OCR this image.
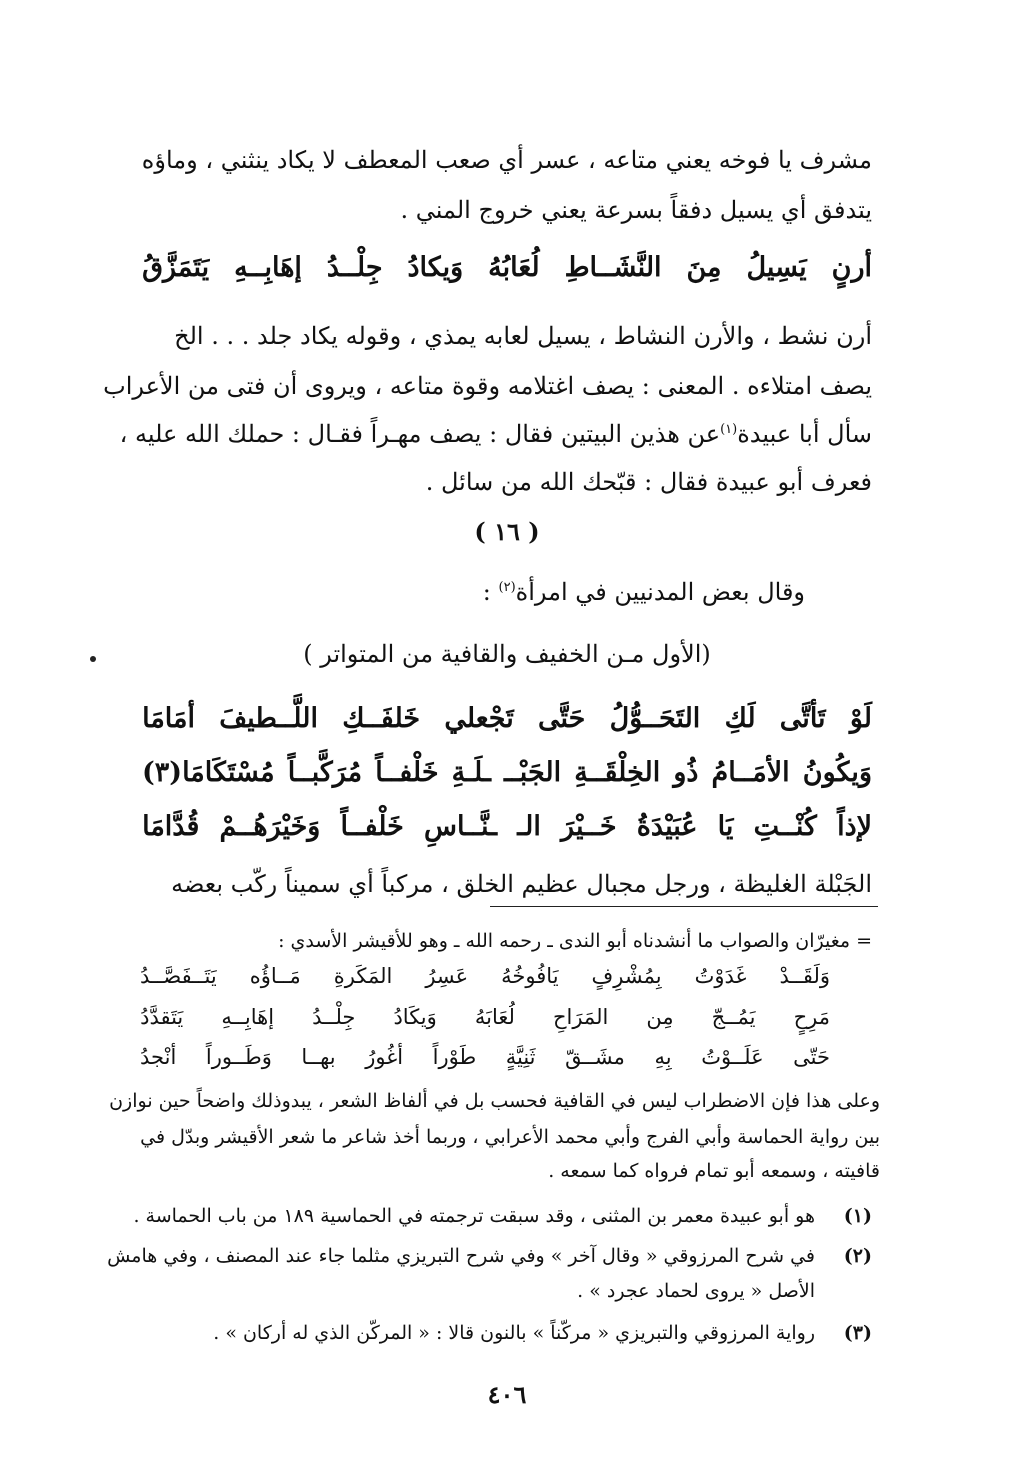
مشرف يا فوخه يعني متاعه ، عسر أي صعب المعطف لا يكاد ينثني ، وماؤه
يتدفق أي يسيل دفقاً بسرعة يعني خروج المني .
أرنٍ
يَسِيلُ
مِنَ
النَّشَــاطِ
لُعَابُهُ
وَيكادُ
جِلْــدُ
إهَابِــهِ
يَتَمَزَّقُ
أرن نشط ، والأرن النشاط ، يسيل لعابه يمذي ، وقوله يكاد جلد . . . الخ
يصف امتلاءه . المعنى : يصف اغتلامه وقوة متاعه ، ويروى أن فتى من الأعراب
سأل أبا عبيدة$^{(١)}$عن هذين البيتين فقال : يصف مهـراً فقـال : حملك الله عليه ،
فعرف أبو عبيدة فقال : قبّحك الله من سائل .
( ١٦ )
وقال بعض المدنيين في امرأة$^{(٢)}$ :
(الأول مـن الخفيف والقافية من المتواتر )
لَوْ
تَأتَّى
لَكِ
التَحَــوُّلُ
حَتَّى
تَجْعلي
خَلفَــكِ
اللَّــطيفَ
أمَامَا
وَيكُونُ
الأمَــامُ
ذُو
الخِلْقَــةِ
الجَبْــ
ـلَـةِ
خَلْفــاً
مُرَكَّبــاً
مُسْتَكَامَا(٣)
لإذاً
كُنْــتِ
يَا
عُبَيْدَةُ
خَــيْرَ
الـ
ـنَّــاسِ
خَلْفــاً
وَخَيْرَهُــمْ
قُدَّامَا
الجَبْلة الغليظة ، ورجل مجبال عظيم الخلق ، مركباً أي سميناً ركّب بعضه
= مغيرّان والصواب ما أنشدناه أبو الندى ـ رحمه الله ـ وهو للأقيشر الأسدي :
وَلَقَــدْ
غَدَوْتُ
بِمُشْرِفٍ
يَافُوخُهُ
عَسِرُ
المَكَرةِ
مَــاؤُه
يَتَــفَصَّــدُ
مَرِحٍ
يَمُــجّ
مِن
المَرَاحِ
لُعَابَهُ
وَيكَادُ
جِلْــدُ
إهَابِــهِ
يَتَقدَّدُ
حَتّى
عَلَــوْتُ
بِهِ
مشَــقّ
ثَنِيَّةٍ
طَوْراً
أغُورُ
بهــا
وَطَــوراً
أنْجدُ
وعلى هذا فإن الاضطراب ليس في القافية فحسب بل في ألفاظ الشعر ، يبدوذلك واضحاً حين نوازن
بين رواية الحماسة وأبي الفرج وأبي محمد الأعرابي ، وربما أخذ شاعر ما شعر الأقيشر وبدّل في
قافيته ، وسمعه أبو تمام فرواه كما سمعه .
(١)
هو أبو عبيدة معمر بن المثنى ، وقد سبقت ترجمته في الحماسية ١٨٩ من باب الحماسة .
(٢)
في شرح المرزوقي « وقال آخر » وفي شرح التبريزي مثلما جاء عند المصنف ، وفي هامش
الأصل « يروى لحماد عجرد » .
(٣)
رواية المرزوقي والتبريزي « مركّناً » بالنون قالا : « المركّن الذي له أركان » .
٤٠٦
